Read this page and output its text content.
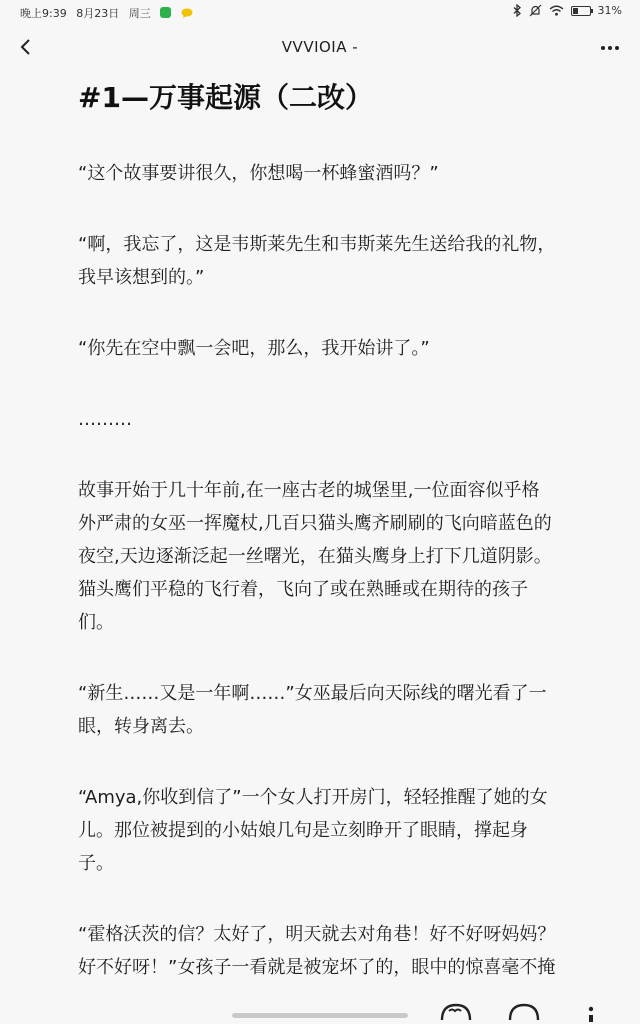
晚上9:39 8月23日 周三	31%
VVVIOIA -
#1—万事起源（二改）

“这个故事要讲很久，你想喝一杯蜂蜜酒吗？”

“啊，我忘了，这是韦斯莱先生和韦斯莱先生送给我的礼物，
我早该想到的。”

“你先在空中飘一会吧，那么，我开始讲了。”

………

故事开始于几十年前,在一座古老的城堡里,一位面容似乎格
外严肃的女巫一挥魔杖,几百只猫头鹰齐刷刷的飞向暗蓝色的
夜空,天边逐渐泛起一丝曙光，在猫头鹰身上打下几道阴影。
猫头鹰们平稳的飞行着，飞向了或在熟睡或在期待的孩子
们。

“新生……又是一年啊……”女巫最后向天际线的曙光看了一
眼，转身离去。

“Amya,你收到信了”一个女人打开房门，轻轻推醒了她的女
儿。那位被提到的小姑娘几句是立刻睁开了眼睛，撑起身
子。

“霍格沃茨的信？太好了，明天就去对角巷！好不好呀妈妈？
好不好呀！”女孩子一看就是被宠坏了的，眼中的惊喜毫不掩
